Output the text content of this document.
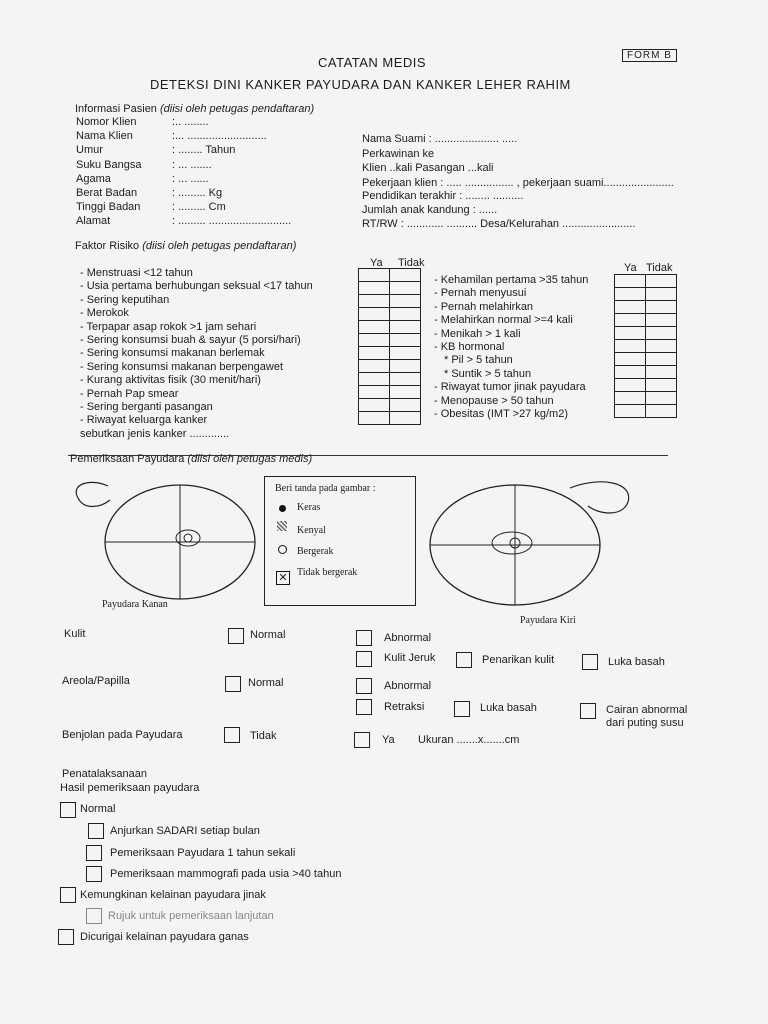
FORM B
CATATAN MEDIS
DETEKSI DINI KANKER PAYUDARA DAN KANKER LEHER RAHIM
Informasi Pasien (diisi oleh petugas pendaftaran)
Faktor Risiko (diisi oleh petugas pendaftaran)
Ya Tidak	Ya Tidak

Pemeriksaan Payudara (diisi oleh petugas medis)
Payudara Kanan
Payudara Kiri
Beri tanda pada gambar :
Keras
Kenyal
Bergerak
✕ Tidak bergerak
Kulit	Normal	Abnormal
Kulit Jeruk	Penarikan kulit	Luka basah
Areola/Papilla	Normal	Abnormal
Retraksi	Luka basah	Cairan abnormal
dari puting susu
Benjolan pada Payudara	Tidak	Ya Ukuran .......x.......cm
Penatalaksanaan
Hasil pemeriksaan payudara
Normal
Anjurkan SADARI setiap bulan
Pemeriksaan Payudara 1 tahun sekali
Pemeriksaan mammografi pada usia >40 tahun
Kemungkinan kelainan payudara jinak
Rujuk untuk pemeriksaan lanjutan
Dicurigai kelainan payudara ganas
Nomor Klien	:.. ........
Nama Klien	:... ..........................
Umur	: ........ Tahun
Suku Bangsa	: ... .......
Agama	: ... ......
Berat Badan	: ......... Kg
Tinggi Badan	: ......... Cm
Alamat	: ......... ...........................
Nama Suami : ..................... .....
Perkawinan ke
Klien ..kali Pasangan ...kali
Pekerjaan klien : ..... ................ , pekerjaan suami.......................
Pendidikan terakhir : ........ ..........
Jumlah anak kandung : ......
RT/RW : ............ .......... Desa/Kelurahan ........................
- Menstruasi <12 tahun
- Usia pertama berhubungan seksual <17 tahun
- Sering keputihan
- Merokok
- Terpapar asap rokok >1 jam sehari
- Sering konsumsi buah & sayur (5 porsi/hari)
- Sering konsumsi makanan berlemak
- Sering konsumsi makanan berpengawet
- Kurang aktivitas fisik (30 menit/hari)
- Pernah Pap smear
- Sering berganti pasangan
- Riwayat keluarga kanker
sebutkan jenis kanker .............
- Kehamilan pertama >35 tahun
- Pernah menyusui
- Pernah melahirkan
- Melahirkan normal >=4 kali
- Menikah > 1 kali
- KB hormonal
* Pil > 5 tahun
* Suntik > 5 tahun
- Riwayat tumor jinak payudara
- Menopause > 50 tahun
- Obesitas (IMT >27 kg/m2)
